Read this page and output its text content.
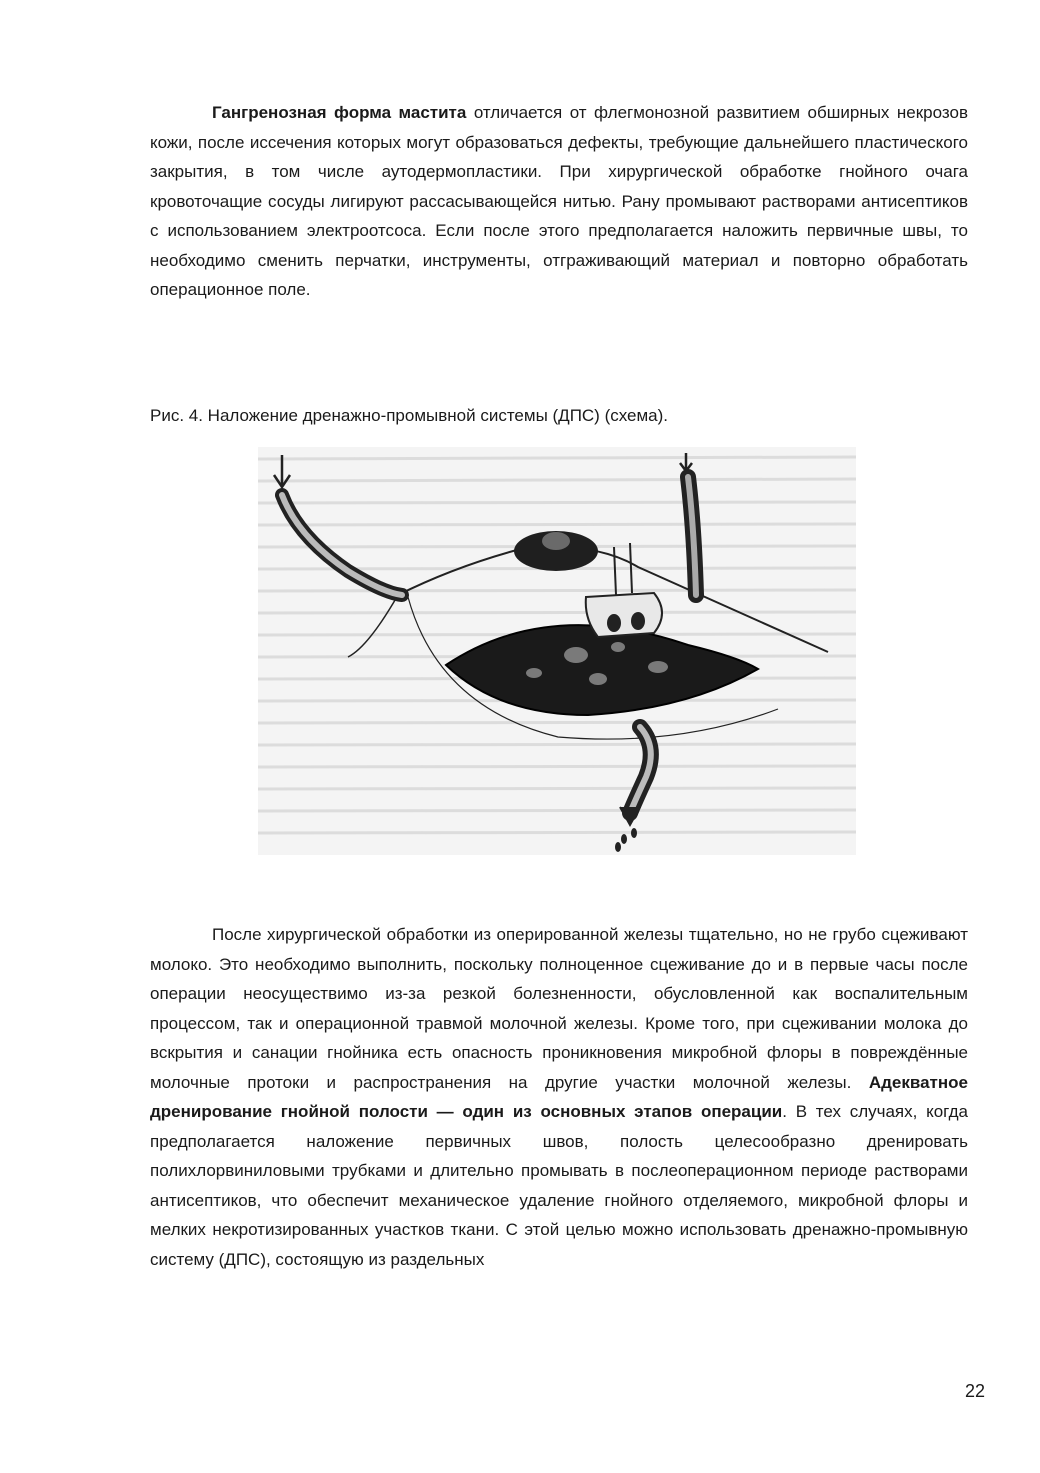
Гангренозная форма мастита отличается от флегмонозной развитием обширных некрозов кожи, после иссечения которых могут образоваться дефекты, требующие дальнейшего пластического закрытия, в том числе аутодермопластики. При хирургической обработке гнойного очага кровоточащие сосуды лигируют рассасывающейся нитью. Рану промывают растворами антисептиков с использованием электроотсоса. Если после этого предполагается наложить первичные швы, то необходимо сменить перчатки, инструменты, отграживающий материал и повторно обработать операционное поле.

Рис. 4. Наложение дренажно-промывной системы (ДПС) (схема).

После хирургической обработки из оперированной железы тщательно, но не грубо сцеживают молоко. Это необходимо выполнить, поскольку полноценное сцеживание до и в первые часы после операции неосуществимо из-за резкой болезненности, обусловленной как воспалительным процессом, так и операционной травмой молочной железы. Кроме того, при сцеживании молока до вскрытия и санации гнойника есть опасность проникновения микробной флоры в повреждённые молочные протоки и распространения на другие участки молочной железы. Адекватное дренирование гнойной полости — один из основных этапов операции. В тех случаях, когда предполагается наложение первичных швов, полость целесообразно дренировать полихлорвиниловыми трубками и длительно промывать в послеоперационном периоде растворами антисептиков, что обеспечит механическое удаление гнойного отделяемого, микробной флоры и мелких некротизированных участков ткани. С этой целью можно использовать дренажно-промывную систему (ДПС), состоящую из раздельных

22
